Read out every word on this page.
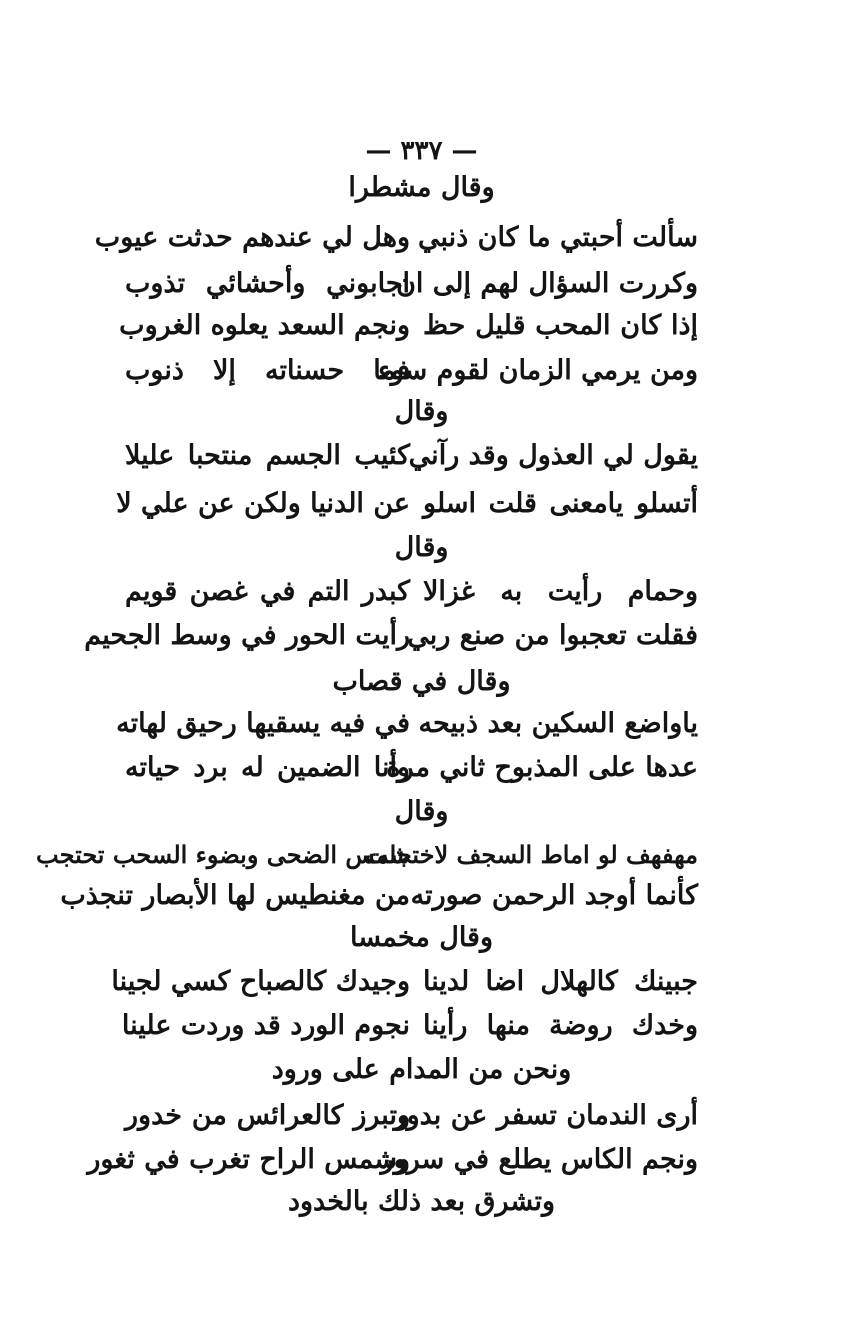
— ٣٣٧ —
وقال مشطرا
سألت أحبتي ما كان ذنبي
وهل لي عندهم حدثت عيوب
وكررت السؤال لهم إلى ان
اجابوني وأحشائي تذوب
إذا كان المحب قليل حظ
ونجم السعد يعلوه الغروب
ومن يرمي الزمان لقوم سوء
فما حسناته إلا ذنوب
وقال
يقول لي العذول وقد رآني
كئيب الجسم منتحبا عليلا
أتسلو يامعنى قلت اسلو
عن الدنيا ولكن عن علي لا
وقال
وحمام رأيت به غزالا
كبدر التم في غصن قويم
فقلت تعجبوا من صنع ربي
رأيت الحور في وسط الجحيم
وقال في قصاب
ياواضع السكين بعد ذبيحه
في فيه يسقيها رحيق لهاته
عدها على المذبوح ثاني مرة
وأنا الضمين له برد حياته
وقال
مهفهف لو اماط السجف لاختجلت
شمس الضحى وبضوء السحب تحتجب
كأنما أوجد الرحمن صورته
من مغنطيس لها الأبصار تنجذب
وقال مخمسا
جبينك كالهلال اضا لدينا
وجيدك كالصباح كسي لجينا
وخدك روضة منها رأينا
نجوم الورد قد وردت علينا
ونحن من المدام على ورود
أرى الندمان تسفر عن بدور
وتبرز كالعرائس من خدور
ونجم الكاس يطلع في سرور
وشمس الراح تغرب في ثغور
وتشرق بعد ذلك بالخدود
